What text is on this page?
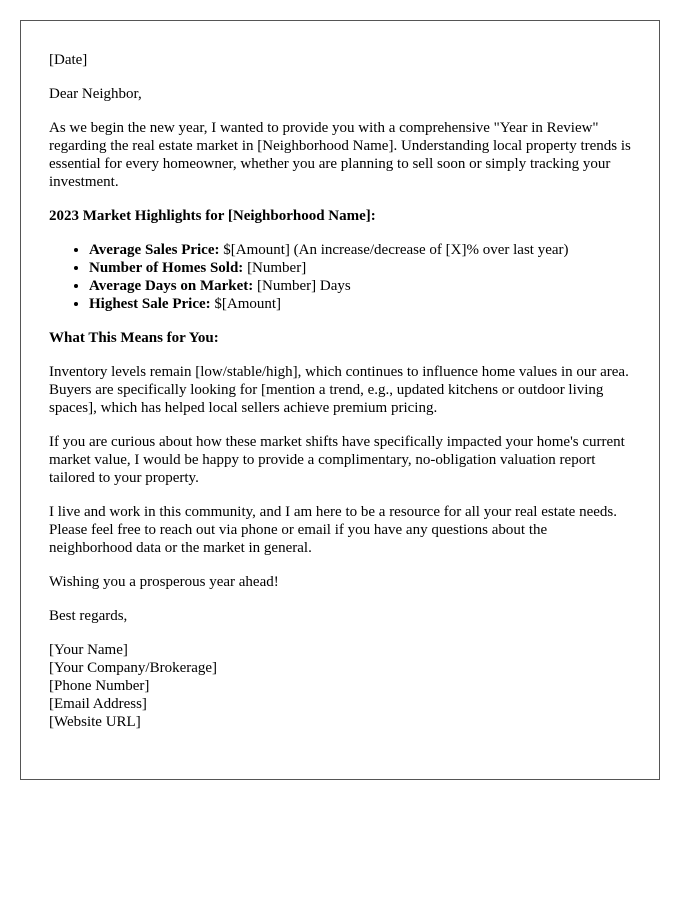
[Date]

Dear Neighbor,

As we begin the new year, I wanted to provide you with a comprehensive "Year in Review" regarding the real estate market in [Neighborhood Name]. Understanding local property trends is essential for every homeowner, whether you are planning to sell soon or simply tracking your investment.

2023 Market Highlights for [Neighborhood Name]:

• Average Sales Price: $[Amount] (An increase/decrease of [X]% over last year)
• Number of Homes Sold: [Number]
• Average Days on Market: [Number] Days
• Highest Sale Price: $[Amount]

What This Means for You:

Inventory levels remain [low/stable/high], which continues to influence home values in our area. Buyers are specifically looking for [mention a trend, e.g., updated kitchens or outdoor living spaces], which has helped local sellers achieve premium pricing.

If you are curious about how these market shifts have specifically impacted your home's current market value, I would be happy to provide a complimentary, no-obligation valuation report tailored to your property.

I live and work in this community, and I am here to be a resource for all your real estate needs. Please feel free to reach out via phone or email if you have any questions about the neighborhood data or the market in general.

Wishing you a prosperous year ahead!

Best regards,

[Your Name]
[Your Company/Brokerage]
[Phone Number]
[Email Address]
[Website URL]
